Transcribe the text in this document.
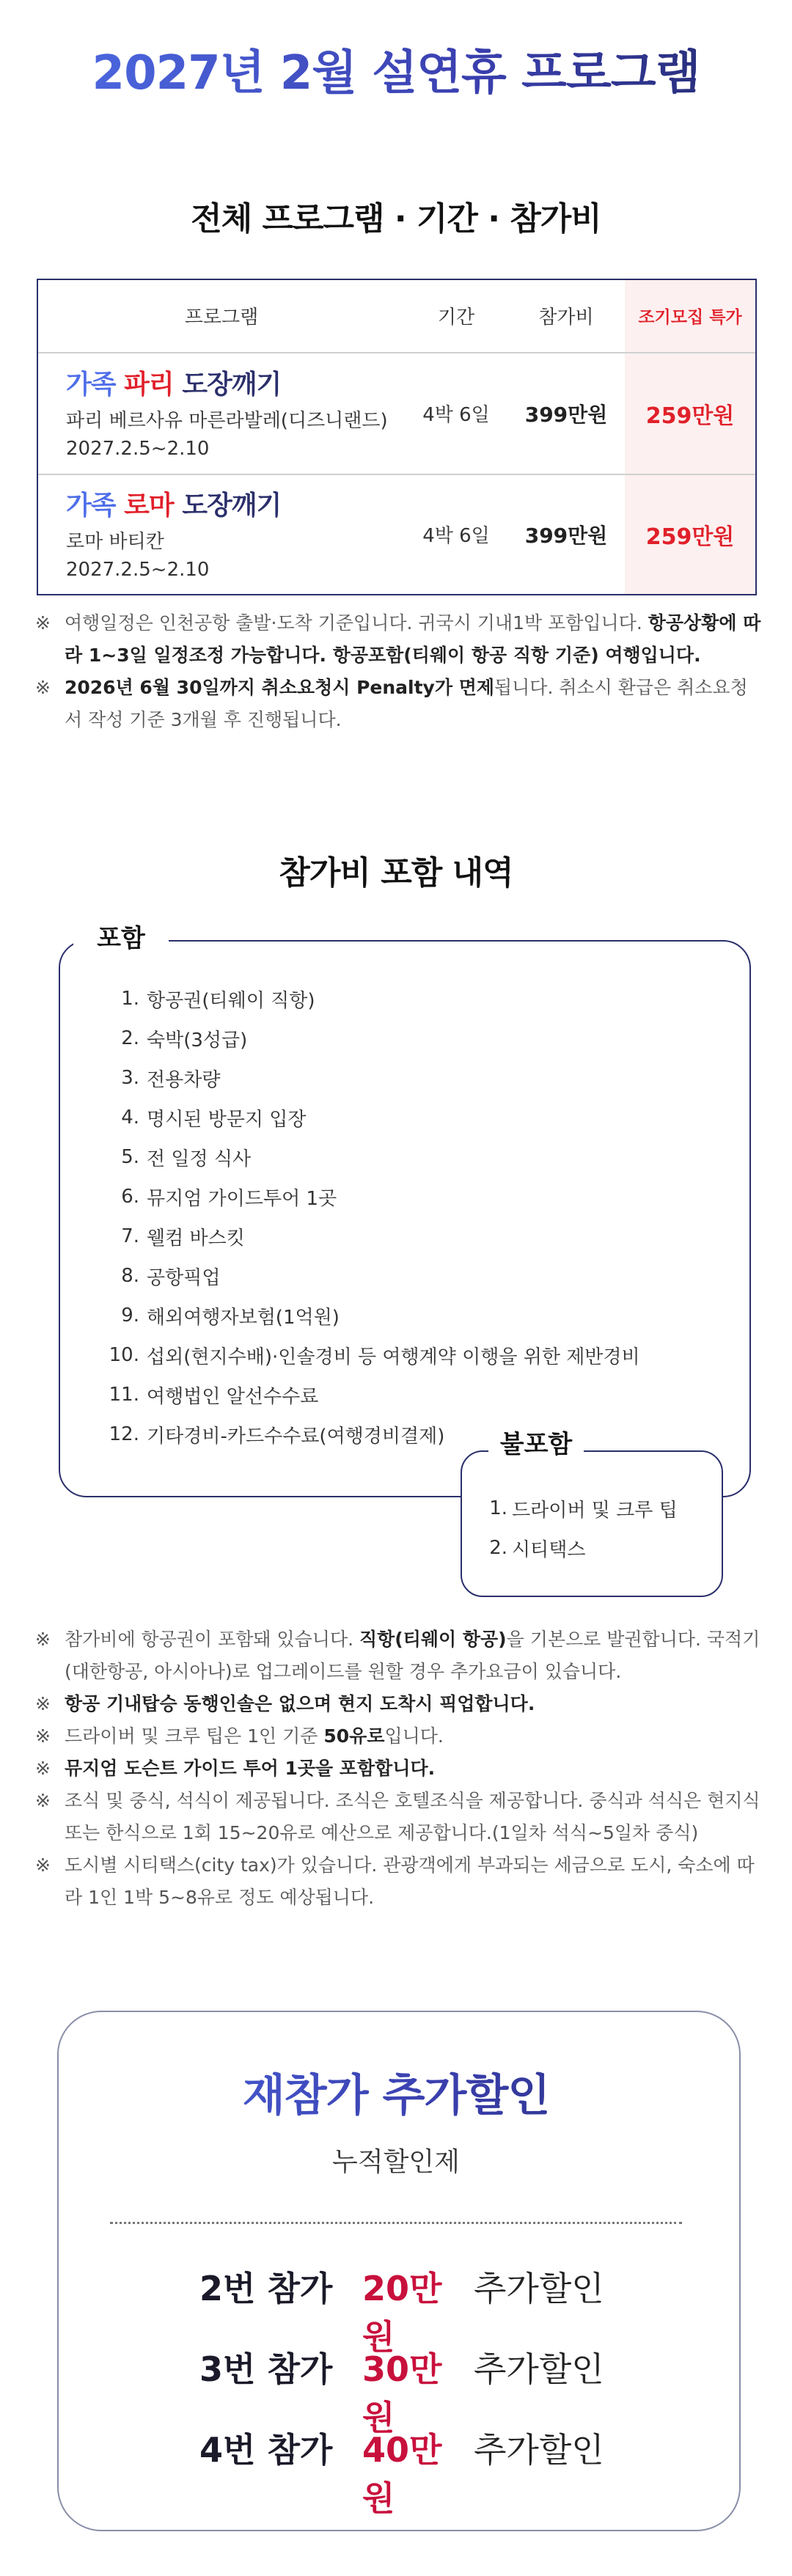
2027년 2월 설연휴 프로그램
전체 프로그램 · 기간 · 참가비
프로그램	기간	참가비	조기모집 특가
가족 파리 도장깨기
파리 베르사유 마른라발레(디즈니랜드)
2027.2.5~2.10
4박 6일	399만원	259만원
가족 로마 도장깨기
로마 바티칸
2027.2.5~2.10
4박 6일	399만원	259만원
※ 여행일정은 인천공항 출발·도착 기준입니다. 귀국시 기내1박 포함입니다. 항공상황에 따라 1~3일 일정조정 가능합니다. 항공포함(티웨이 항공 직항 기준) 여행입니다.
※ 2026년 6월 30일까지 취소요청시 Penalty가 면제됩니다. 취소시 환급은 취소요청서 작성 기준 3개월 후 진행됩니다.
참가비 포함 내역
포함
1. 항공권(티웨이 직항)
2. 숙박(3성급)
3. 전용차량
4. 명시된 방문지 입장
5. 전 일정 식사
6. 뮤지엄 가이드투어 1곳
7. 웰컴 바스킷
8. 공항픽업
9. 해외여행자보험(1억원)
10. 섭외(현지수배)·인솔경비 등 여행계약 이행을 위한 제반경비
11. 여행법인 알선수수료
12. 기타경비-카드수수료(여행경비결제)	불포함
1. 드라이버 및 크루 팁
2. 시티택스
※ 참가비에 항공권이 포함돼 있습니다. 직항(티웨이 항공)을 기본으로 발권합니다. 국적기(대한항공, 아시아나)로 업그레이드를 원할 경우 추가요금이 있습니다.
※ 항공 기내탑승 동행인솔은 없으며 현지 도착시 픽업합니다.
※ 드라이버 및 크루 팁은 1인 기준 50유로입니다.
※ 뮤지엄 도슨트 가이드 투어 1곳을 포함합니다.
※ 조식 및 중식, 석식이 제공됩니다. 조식은 호텔조식을 제공합니다. 중식과 석식은 현지식 또는 한식으로 1회 15~20유로 예산으로 제공합니다.(1일차 석식~5일차 중식)
※ 도시별 시티택스(city tax)가 있습니다. 관광객에게 부과되는 세금으로 도시, 숙소에 따라 1인 1박 5~8유로 정도 예상됩니다.
재참가 추가할인
누적할인제
2번 참가 20만원
추가할인
3번 참가 30만원
추가할인
4번 참가 40만원
추가할인
